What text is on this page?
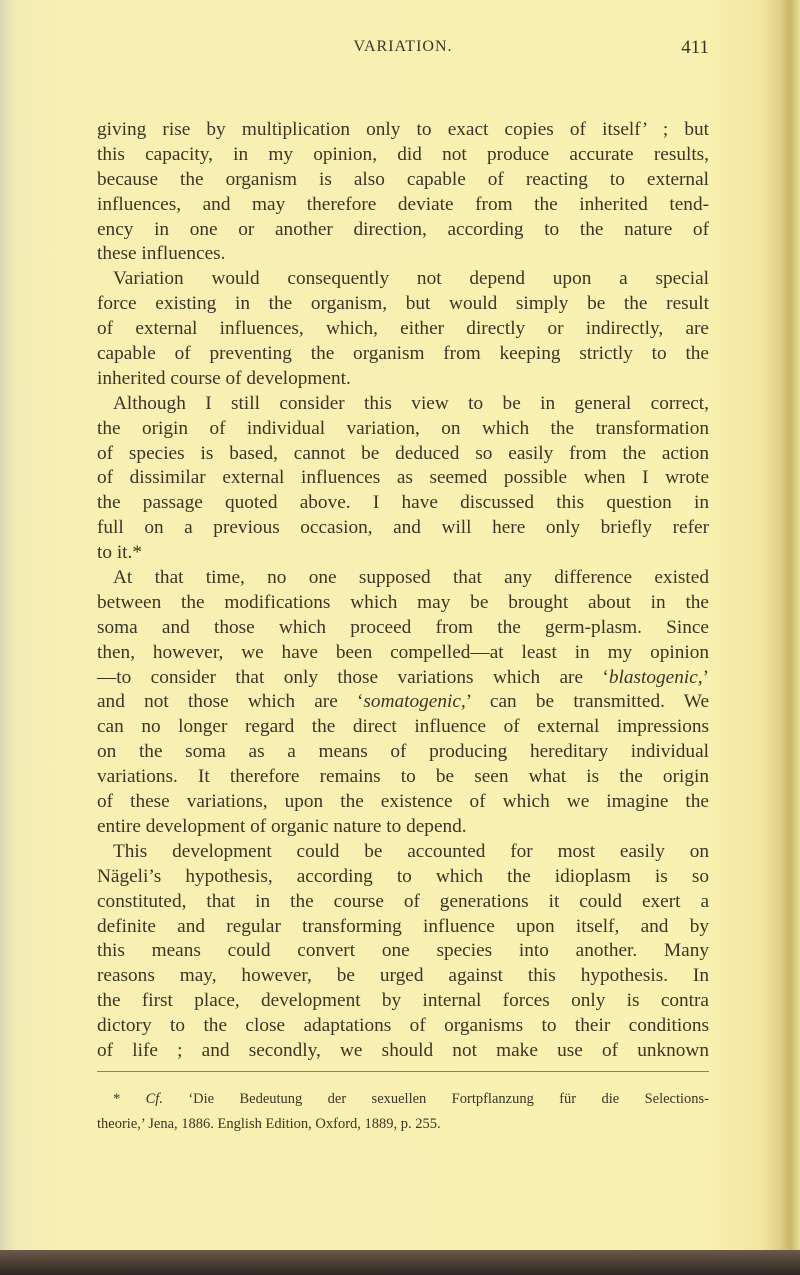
VARIATION.	411
giving rise by multiplication only to exact copies of itself’ ; but
this capacity, in my opinion, did not produce accurate results,
because the organism is also capable of reacting to external
influences, and may therefore deviate from the inherited tend-
ency in one or another direction, according to the nature of
these influences.
Variation would consequently not depend upon a special
force existing in the organism, but would simply be the result
of external influences, which, either directly or indirectly, are
capable of preventing the organism from keeping strictly to the
inherited course of development.
Although I still consider this view to be in general correct,
the origin of individual variation, on which the transformation
of species is based, cannot be deduced so easily from the action
of dissimilar external influences as seemed possible when I wrote
the passage quoted above. I have discussed this question in
full on a previous occasion, and will here only briefly refer
to it.*
At that time, no one supposed that any difference existed
between the modifications which may be brought about in the
soma and those which proceed from the germ-plasm. Since
then, however, we have been compelled—at least in my opinion
—to consider that only those variations which are ‘blastogenic,’
and not those which are ‘somatogenic,’ can be transmitted. We
can no longer regard the direct influence of external impressions
on the soma as a means of producing hereditary individual
variations. It therefore remains to be seen what is the origin
of these variations, upon the existence of which we imagine the
entire development of organic nature to depend.
This development could be accounted for most easily on
Nägeli’s hypothesis, according to which the idioplasm is so
constituted, that in the course of generations it could exert a
definite and regular transforming influence upon itself, and by
this means could convert one species into another. Many
reasons may, however, be urged against this hypothesis. In
the first place, development by internal forces only is contra
dictory to the close adaptations of organisms to their conditions
of life ; and secondly, we should not make use of unknown
* Cf. ‘Die Bedeutung der sexuellen Fortpflanzung für die Selections-
theorie,’ Jena, 1886. English Edition, Oxford, 1889, p. 255.
